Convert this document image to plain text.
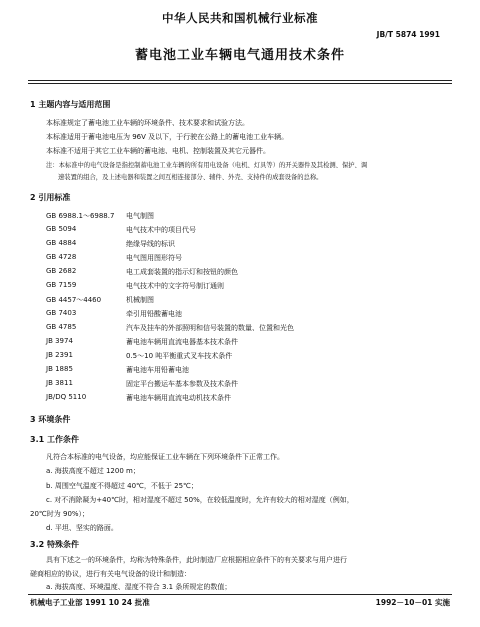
中华人民共和国机械行业标准
JB/T 5874 1991
蓄电池工业车辆电气通用技术条件
1 主题内容与适用范围
本标准规定了蓄电池工业车辆的环境条件、技术要求和试验方法。
本标准适用于蓄电池电压为 96V 及以下，于行驶在公路上的蓄电池工业车辆。
本标准不适用于其它工业车辆的蓄电池、电机、控制装置及其它元器件。
注：本标准中的电气设备是指控制蓄电池工业车辆的所有用电设备（电机、灯具等）的开关器件及其检测、保护、调
速装置的组合，及上述电器和装置之间互相连接部分、辅件、外壳、支持件的成套设备的总称。
2 引用标准
GB 6988.1～6988.7 电气制图
GB 5094	电气技术中的项目代号
GB 4884	绝缘导线的标识
GB 4728	电气图用图形符号
GB 2682	电工成套装置的指示灯和按钮的颜色
GB 7159	电气技术中的文字符号制订通则
GB 4457～4460	机械制图
GB 7403	牵引用铅酸蓄电池
GB 4785	汽车及挂车的外部照明和信号装置的数量、位置和光色
JB 3974	蓄电池车辆用直流电器基本技术条件
JB 2391	0.5～10 吨平衡重式叉车技术条件
JB 1885	蓄电池车用铅蓄电池
JB 3811	固定平台搬运车基本参数及技术条件
JB/DQ 5110	蓄电池车辆用直流电动机技术条件
3 环境条件
3.1 工作条件
凡符合本标准的电气设备，均应能保证工业车辆在下列环境条件下正常工作。
a. 海拔高度不超过 1200 m；
b. 周围空气温度不得超过 40℃，不低于 25℃；
c. 对不消除凝为+40℃时，相对湿度不超过 50%，在较低温度时，允许有较大的相对湿度（例如，
20℃时为 90%）；
d. 平坦、坚实的路面。
3.2 特殊条件
具有下述之一的环境条件，均称为特殊条件，此时制造厂应根据相应条件下的有关要求与用户进行
磋商相应的协议，进行有关电气设备的设计和制造：
a. 海拔高度、环境温度、湿度不符合 3.1 条所规定的数值；
机械电子工业部 1991 10 24 批准	1992－10－01 实施
